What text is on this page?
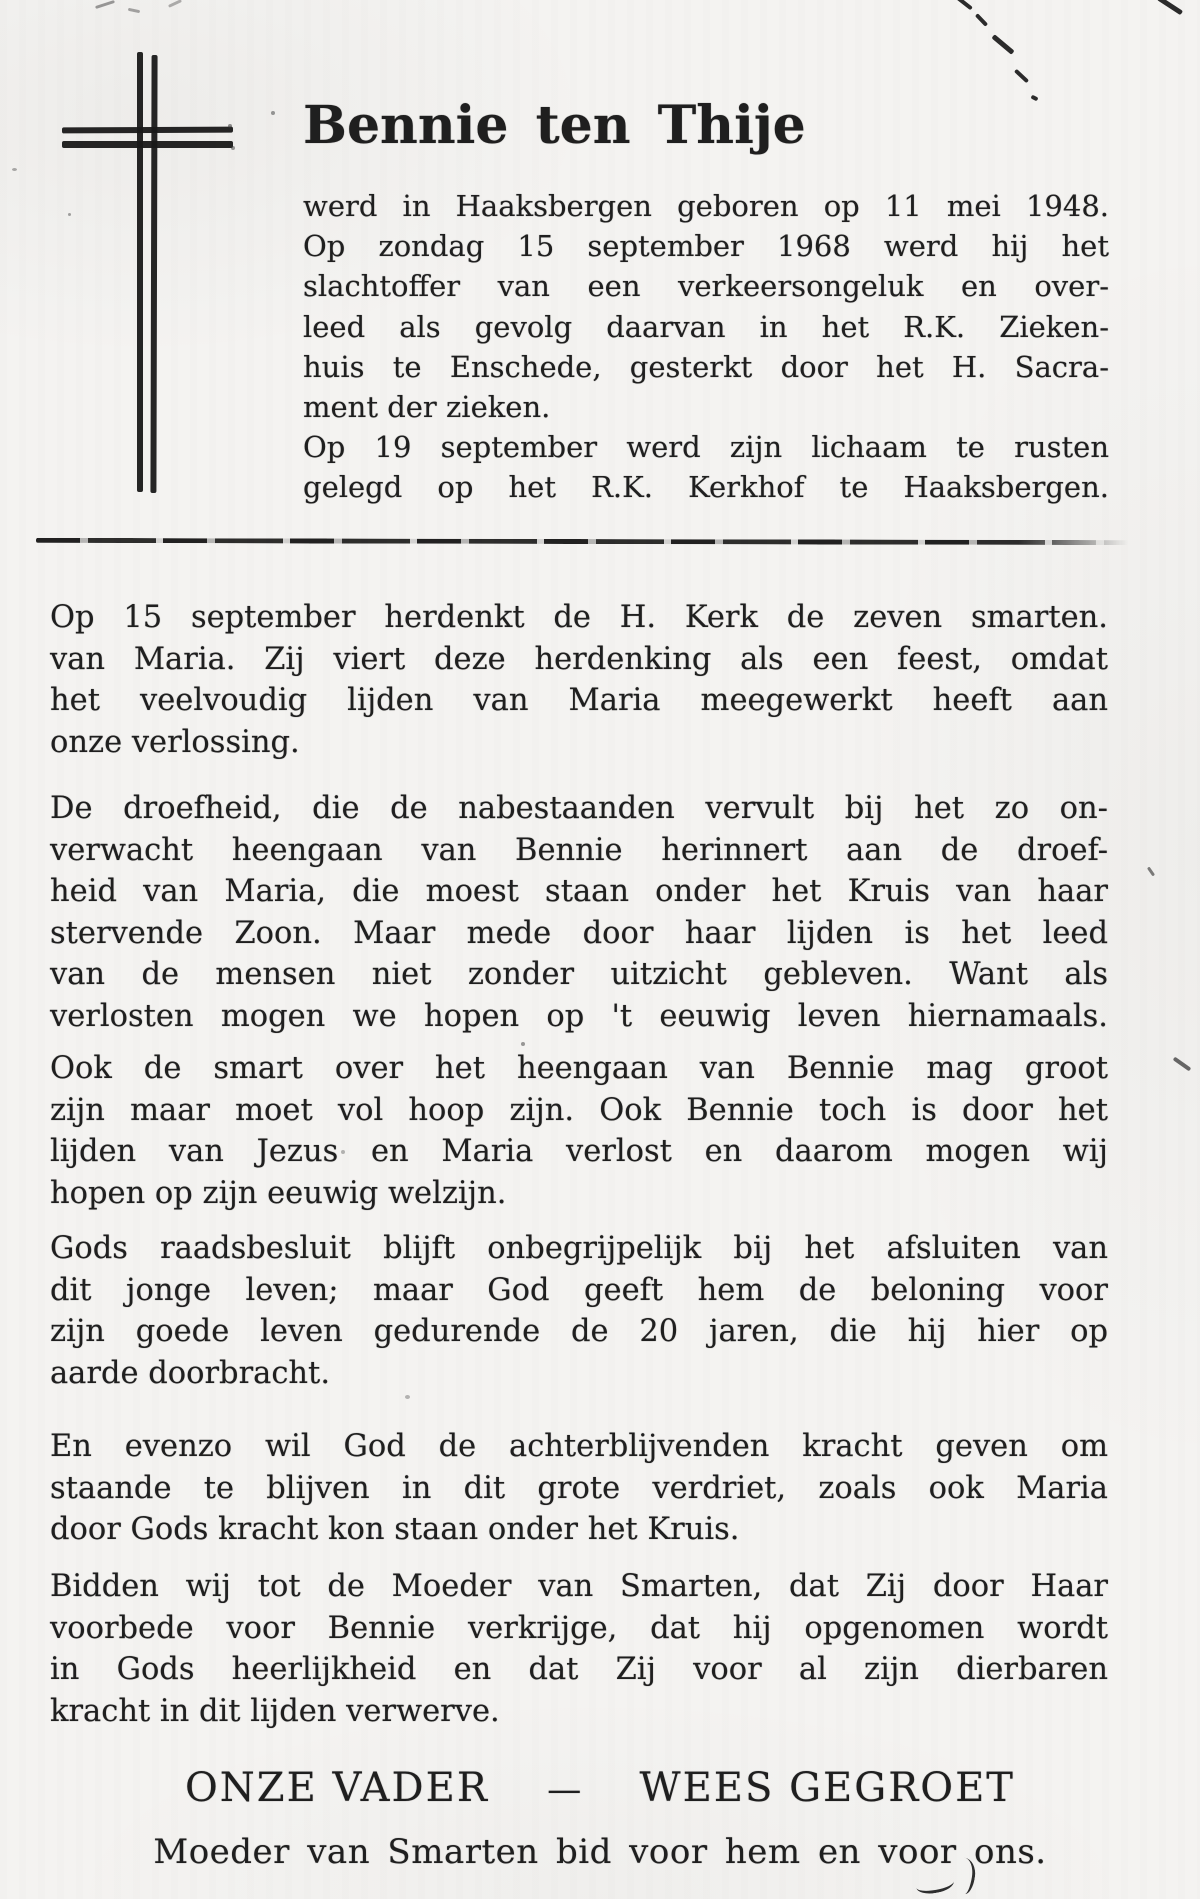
Bennie ten Thije
werd in Haaksbergen geboren op 11 mei 1948.
Op zondag 15 september 1968 werd hij het
slachtoffer van een verkeersongeluk en over-
leed als gevolg daarvan in het R.K. Zieken-
huis te Enschede, gesterkt door het H. Sacra-
ment der zieken.
Op 19 september werd zijn lichaam te rusten
gelegd op het R.K. Kerkhof te Haaksbergen.
Op 15 september herdenkt de H. Kerk de zeven smarten.
van Maria. Zij viert deze herdenking als een feest, omdat
het veelvoudig lijden van Maria meegewerkt heeft aan
onze verlossing.
De droefheid, die de nabestaanden vervult bij het zo on-
verwacht heengaan van Bennie herinnert aan de droef-
heid van Maria, die moest staan onder het Kruis van haar
stervende Zoon. Maar mede door haar lijden is het leed
van de mensen niet zonder uitzicht gebleven. Want als
verlosten mogen we hopen op 't eeuwig leven hiernamaals.
Ook de smart over het heengaan van Bennie mag groot
zijn maar moet vol hoop zijn. Ook Bennie toch is door het
lijden van Jezus en Maria verlost en daarom mogen wij
hopen op zijn eeuwig welzijn.
Gods raadsbesluit blijft onbegrijpelijk bij het afsluiten van
dit jonge leven; maar God geeft hem de beloning voor
zijn goede leven gedurende de 20 jaren, die hij hier op
aarde doorbracht.
En evenzo wil God de achterblijvenden kracht geven om
staande te blijven in dit grote verdriet, zoals ook Maria
door Gods kracht kon staan onder het Kruis.
Bidden wij tot de Moeder van Smarten, dat Zij door Haar
voorbede voor Bennie verkrijge, dat hij opgenomen wordt
in Gods heerlijkheid en dat Zij voor al zijn dierbaren
kracht in dit lijden verwerve.
ONZE VADER — WEES GEGROET
Moeder van Smarten bid voor hem en voor ons.
